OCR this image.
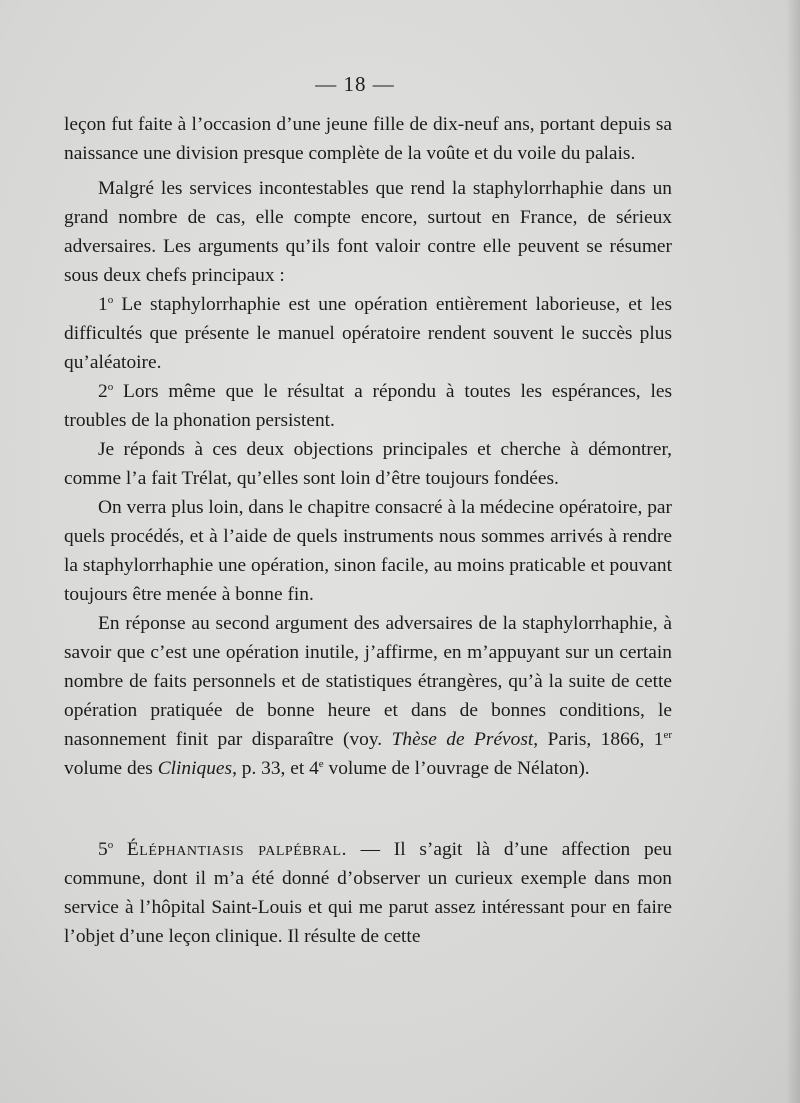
— 18 —

leçon fut faite à l’occasion d’une jeune fille de dix-neuf ans, portant depuis sa naissance une division presque complète de la voûte et du voile du palais.

Malgré les services incontestables que rend la staphylorrhaphie dans un grand nombre de cas, elle compte encore, surtout en France, de sérieux adversaires. Les arguments qu’ils font valoir contre elle peuvent se résumer sous deux chefs principaux :

1$^o$ Le staphylorrhaphie est une opération entièrement laborieuse, et les difficultés que présente le manuel opératoire rendent souvent le succès plus qu’aléatoire.

2$^o$ Lors même que le résultat a répondu à toutes les espérances, les troubles de la phonation persistent.

Je réponds à ces deux objections principales et cherche à démontrer, comme l’a fait Trélat, qu’elles sont loin d’être toujours fondées.

On verra plus loin, dans le chapitre consacré à la médecine opératoire, par quels procédés, et à l’aide de quels instruments nous sommes arrivés à rendre la staphylorrhaphie une opération, sinon facile, au moins praticable et pouvant toujours être menée à bonne fin.

En réponse au second argument des adversaires de la staphylorrhaphie, à savoir que c’est une opération inutile, j’affirme, en m’appuyant sur un certain nombre de faits personnels et de statistiques étrangères, qu’à la suite de cette opération pratiquée de bonne heure et dans de bonnes conditions, le nasonnement finit par disparaître (voy. Thèse de Prévost, Paris, 1866, 1er volume des Cliniques, p. 33, et 4e volume de l’ouvrage de Nélaton).

5$^o$ Éléphantiasis palpébral. — Il s’agit là d’une affection peu commune, dont il m’a été donné d’observer un curieux exemple dans mon service à l’hôpital Saint-Louis et qui me parut assez intéressant pour en faire l’objet d’une leçon clinique. Il résulte de cette
